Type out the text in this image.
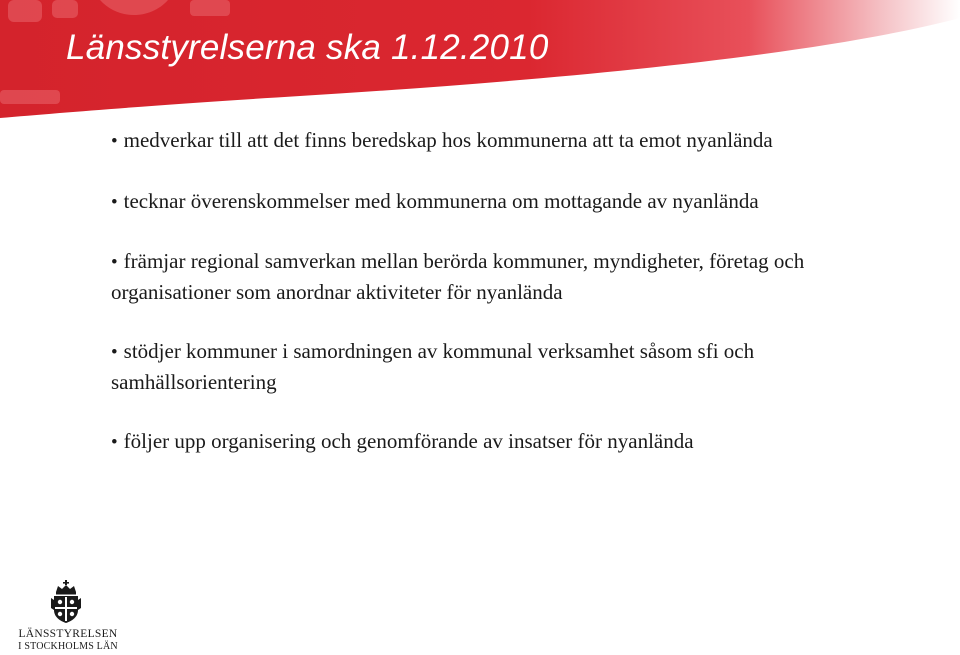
Länsstyrelserna ska 1.12.2010
• medverkar till att det finns beredskap hos kommunerna att ta emot nyanlända
• tecknar överenskommelser med kommunerna om mottagande av nyanlända
• främjar regional samverkan mellan berörda kommuner, myndigheter, företag och organisationer som anordnar aktiviteter för nyanlända
• stödjer kommuner i samordningen av kommunal verksamhet såsom sfi och samhällsorientering
• följer upp organisering och genomförande av insatser för nyanlända
LÄNSSTYRELSEN
I STOCKHOLMS LÄN
